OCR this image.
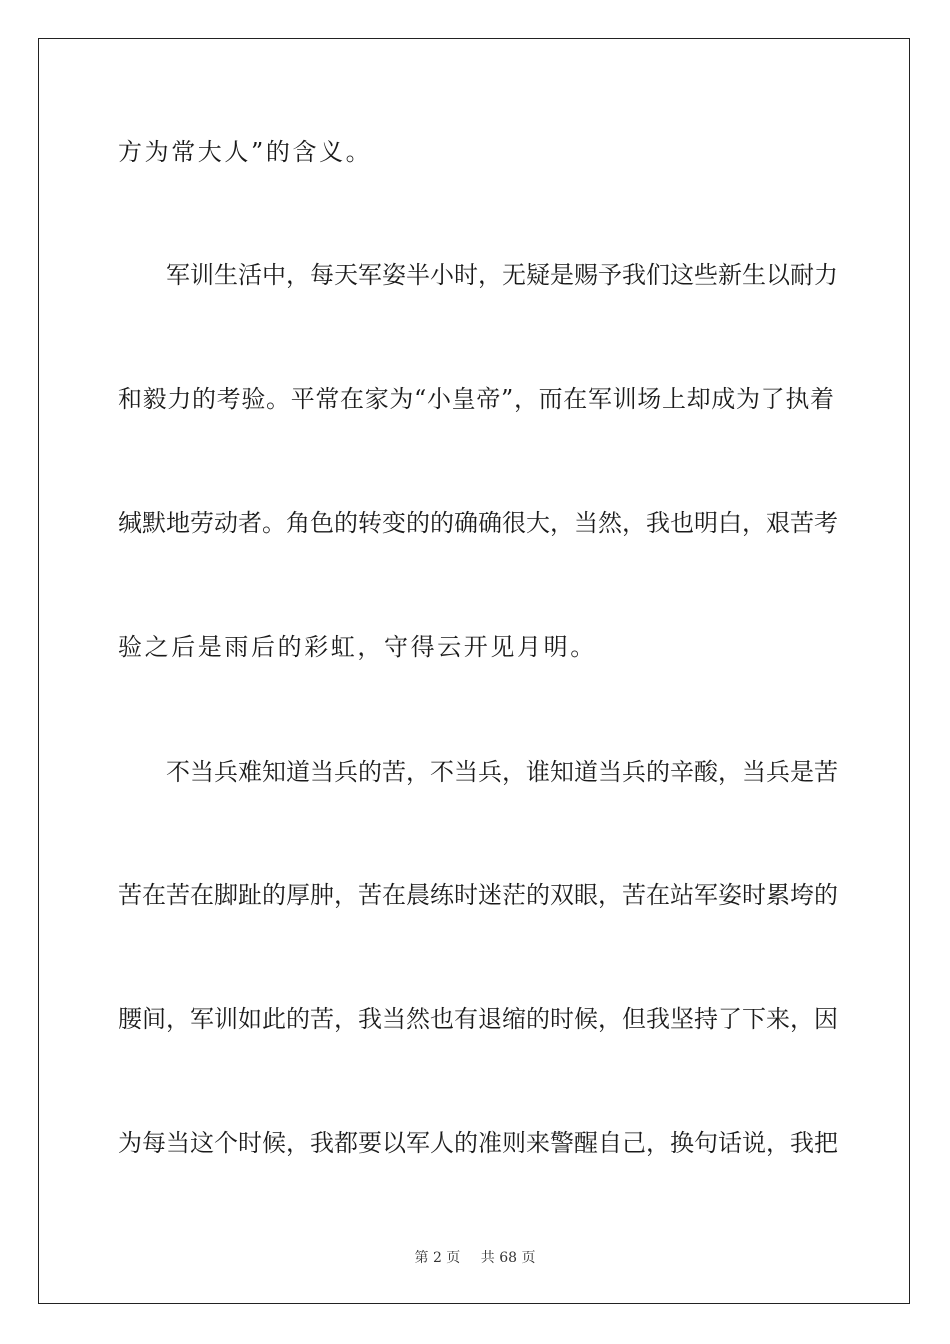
方为常大人”的含义。
军训生活中，每天军姿半小时，无疑是赐予我们这些新生以耐力
和毅力的考验。平常在家为“小皇帝”，而在军训场上却成为了执着
缄默地劳动者。角色的转变的的确确很大，当然，我也明白，艰苦考
验之后是雨后的彩虹，守得云开见月明。
不当兵难知道当兵的苦，不当兵，谁知道当兵的辛酸，当兵是苦
苦在苦在脚趾的厚肿，苦在晨练时迷茫的双眼，苦在站军姿时累垮的
腰间，军训如此的苦，我当然也有退缩的时候，但我坚持了下来，因
为每当这个时候，我都要以军人的准则来警醒自己，换句话说，我把
第 2 页 共 68 页
